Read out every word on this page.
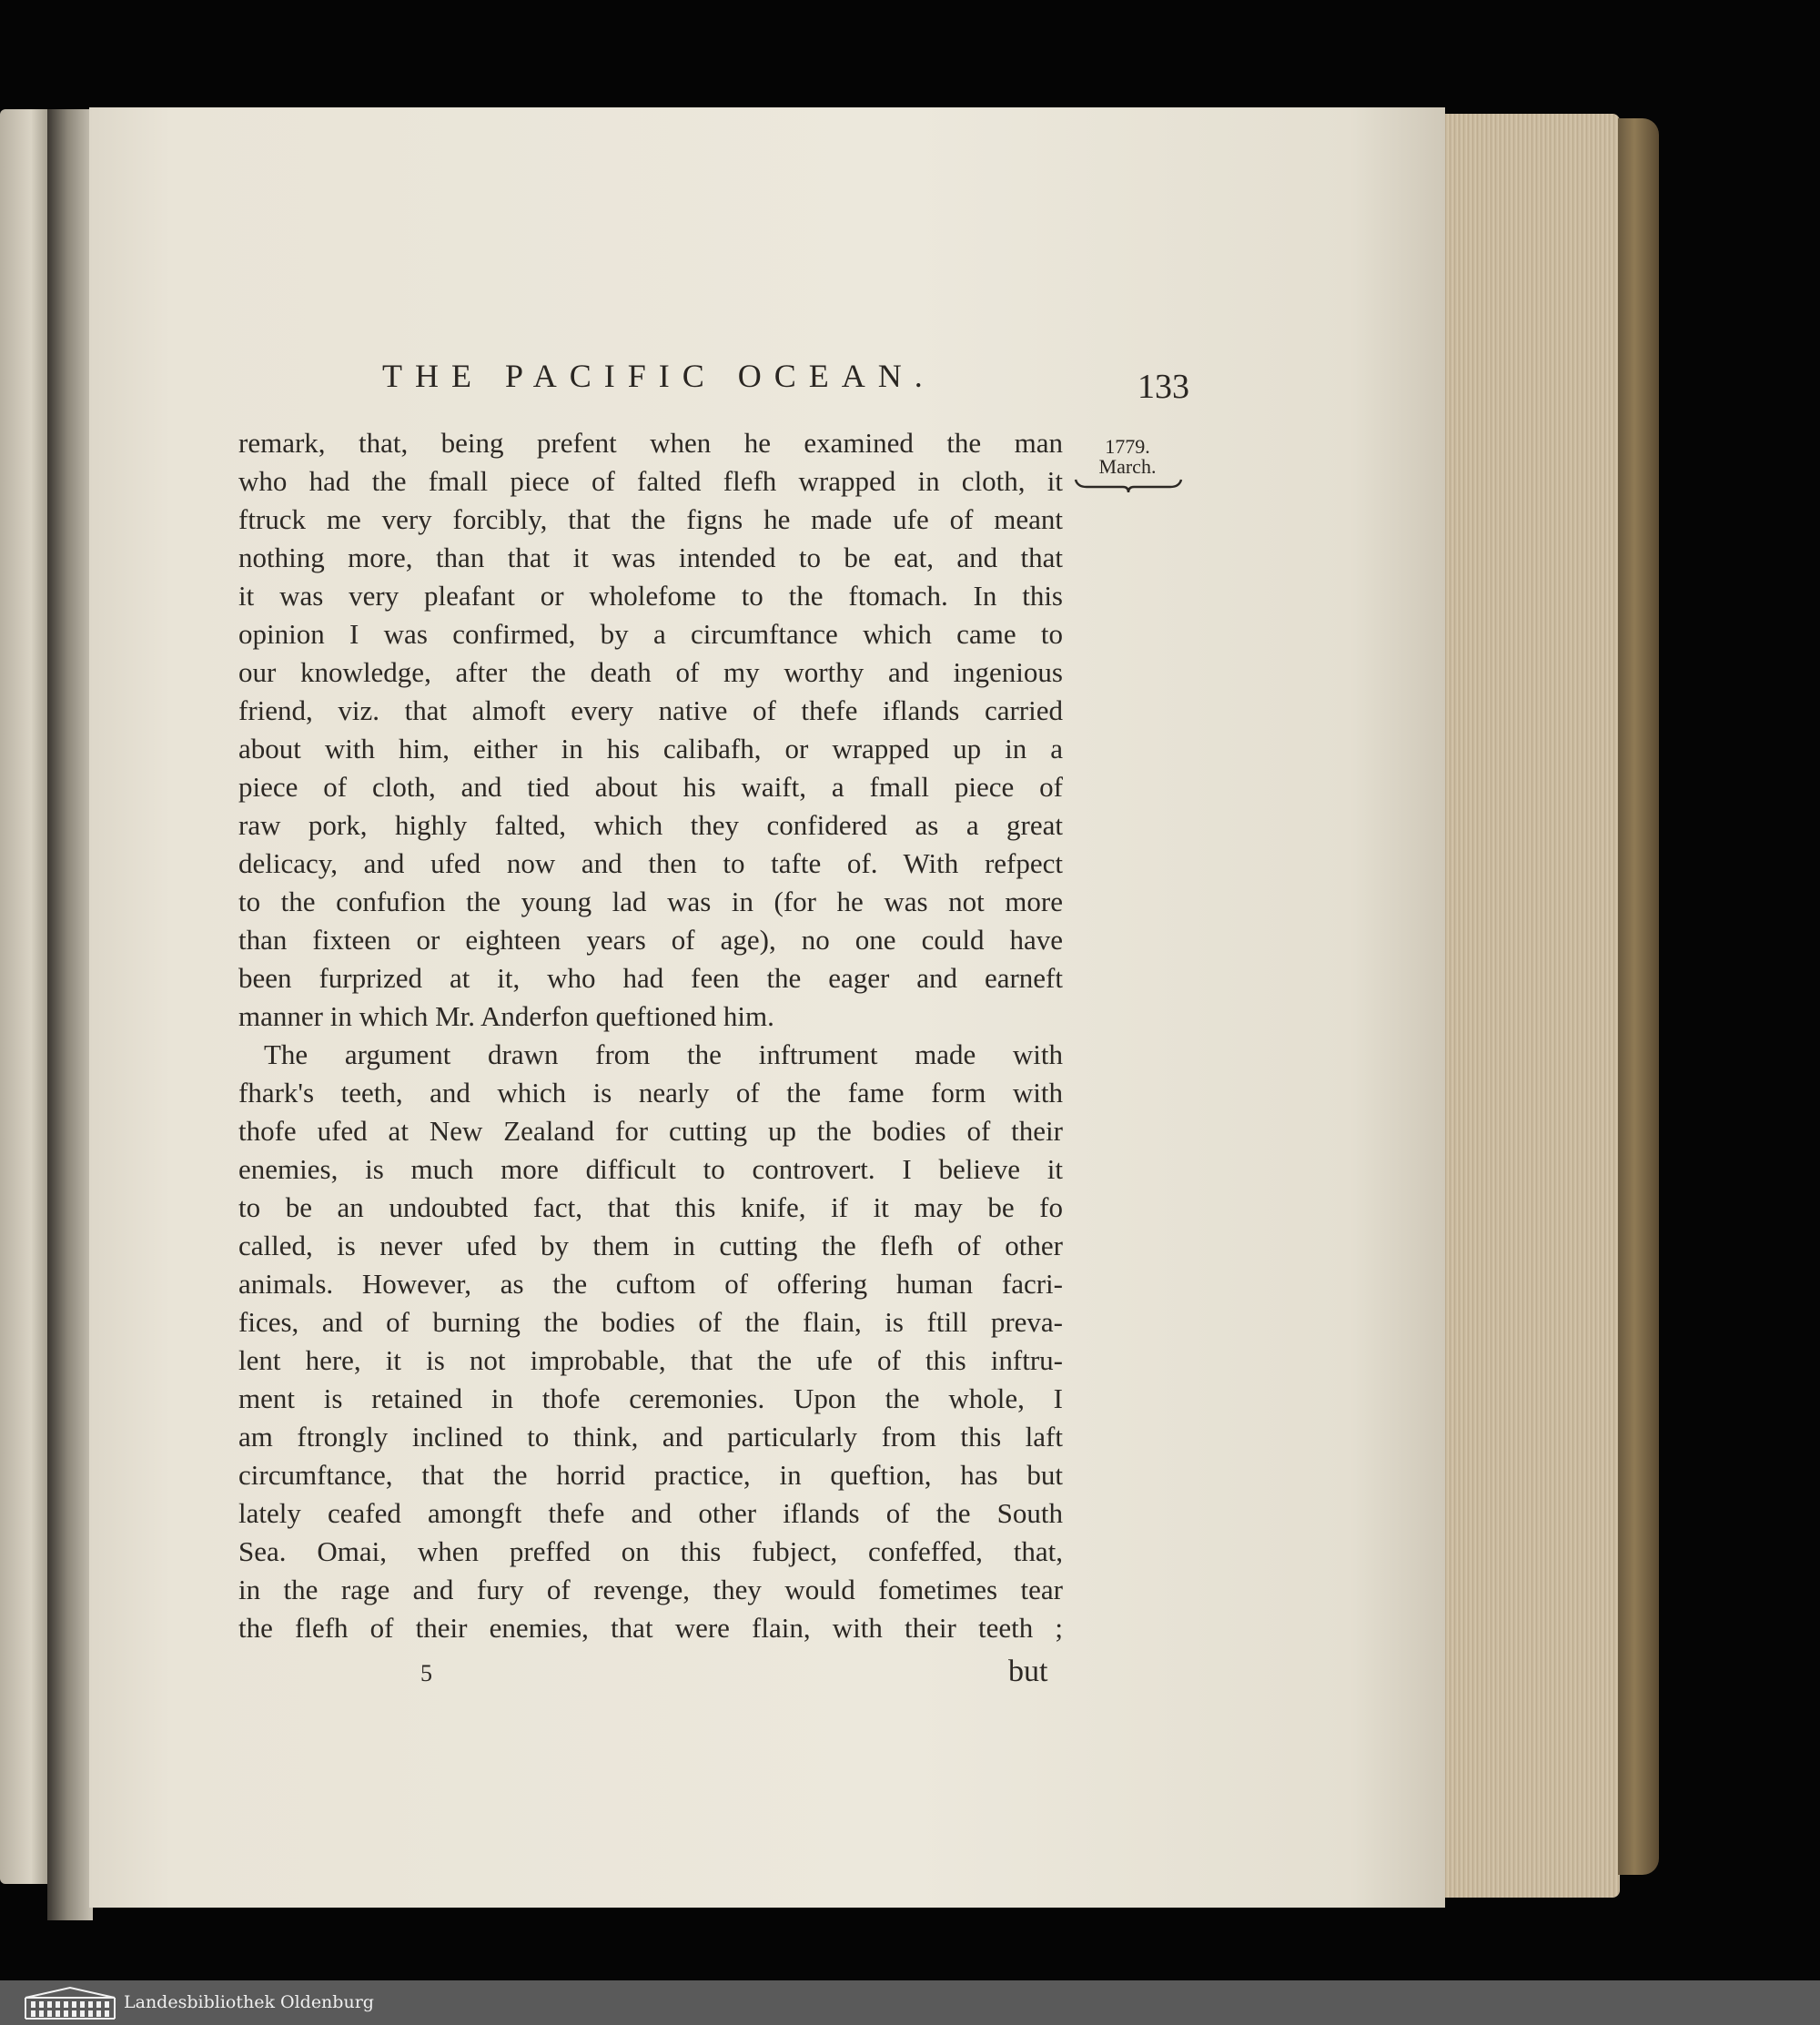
THE PACIFIC OCEAN.	133
1779.
March.
remark, that, being prefent when he examined the man
who had the fmall piece of falted flefh wrapped in cloth, it
ftruck me very forcibly, that the figns he made ufe of meant
nothing more, than that it was intended to be eat, and that
it was very pleafant or wholefome to the ftomach. In this
opinion I was confirmed, by a circumftance which came to
our knowledge, after the death of my worthy and ingenious
friend, viz. that almoft every native of thefe iflands carried
about with him, either in his calibafh, or wrapped up in a
piece of cloth, and tied about his waift, a fmall piece of
raw pork, highly falted, which they confidered as a great
delicacy, and ufed now and then to tafte of. With refpect
to the confufion the young lad was in (for he was not more
than fixteen or eighteen years of age), no one could have
been furprized at it, who had feen the eager and earneft
manner in which Mr. Anderfon queftioned him.
The argument drawn from the inftrument made with
fhark's teeth, and which is nearly of the fame form with
thofe ufed at New Zealand for cutting up the bodies of their
enemies, is much more difficult to controvert. I believe it
to be an undoubted fact, that this knife, if it may be fo
called, is never ufed by them in cutting the flefh of other
animals. However, as the cuftom of offering human facri-
fices, and of burning the bodies of the flain, is ftill preva-
lent here, it is not improbable, that the ufe of this inftru-
ment is retained in thofe ceremonies. Upon the whole, I
am ftrongly inclined to think, and particularly from this laft
circumftance, that the horrid practice, in queftion, has but
lately ceafed amongft thefe and other iflands of the South
Sea. Omai, when preffed on this fubject, confeffed, that,
in the rage and fury of revenge, they would fometimes tear
the flefh of their enemies, that were flain, with their teeth ;
5	but
Landesbibliothek Oldenburg
